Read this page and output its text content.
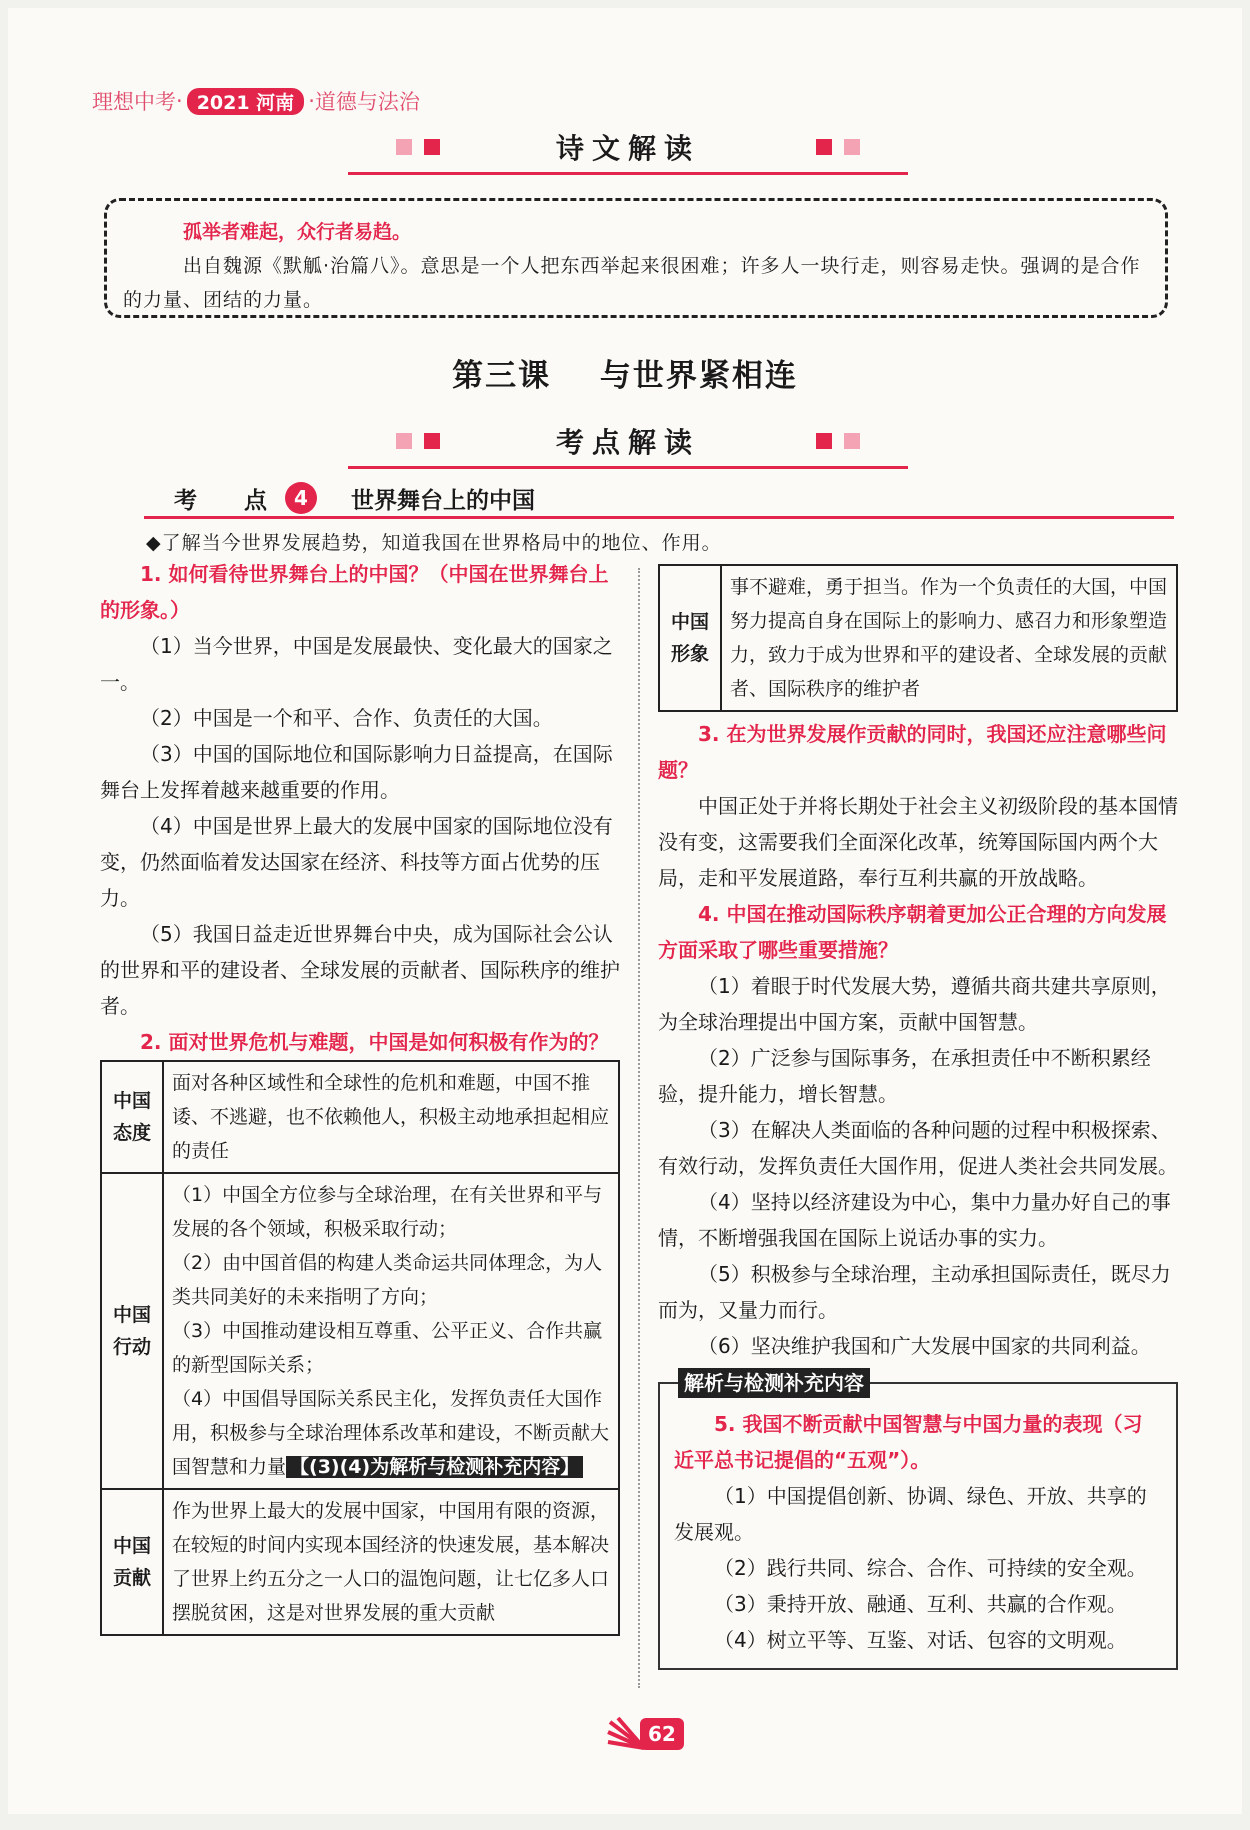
理想中考 · 2021 河南 · 道德与法治
诗文解读
孤举者难起，众行者易趋。
出自魏源《默觚·治篇八》。意思是一个人把东西举起来很困难；许多人一块行走，则容易走快。强调的是合作的力量、团结的力量。
第三课 与世界紧相连
考点解读
考　点 4	世界舞台上的中国
◆了解当今世界发展趋势，知道我国在世界格局中的地位、作用。

1. 如何看待世界舞台上的中国？（中国在世界舞台上的形象。）

（1）当今世界，中国是发展最快、变化最大的国家之一。

（2）中国是一个和平、合作、负责任的大国。

（3）中国的国际地位和国际影响力日益提高，在国际舞台上发挥着越来越重要的作用。

（4）中国是世界上最大的发展中国家的国际地位没有变，仍然面临着发达国家在经济、科技等方面占优势的压力。

（5）我国日益走近世界舞台中央，成为国际社会公认的世界和平的建设者、全球发展的贡献者、国际秩序的维护者。

2. 面对世界危机与难题，中国是如何积极有作为的？

中国态度	面对各种区域性和全球性的危机和难题，中国不推诿、不逃避，也不依赖他人，积极主动地承担起相应的责任
中国行动	（1）中国全方位参与全球治理，在有关世界和平与发展的各个领域，积极采取行动；
（2）由中国首倡的构建人类命运共同体理念，为人类共同美好的未来指明了方向；
（3）中国推动建设相互尊重、公平正义、合作共赢的新型国际关系；
（4）中国倡导国际关系民主化，发挥负责任大国作用，积极参与全球治理体系改革和建设，不断贡献大国智慧和力量 【(3)(4)为解析与检测补充内容】

中国贡献	作为世界上最大的发展中国家，中国用有限的资源，在较短的时间内实现本国经济的快速发展，基本解决了世界上约五分之一人口的温饱问题，让七亿多人口摆脱贫困，这是对世界发展的重大贡献
中国形象	事不避难，勇于担当。作为一个负责任的大国，中国努力提高自身在国际上的影响力、感召力和形象塑造力，致力于成为世界和平的建设者、全球发展的贡献者、国际秩序的维护者

3. 在为世界发展作贡献的同时，我国还应注意哪些问题？

中国正处于并将长期处于社会主义初级阶段的基本国情没有变，这需要我们全面深化改革，统筹国际国内两个大局，走和平发展道路，奉行互利共赢的开放战略。

4. 中国在推动国际秩序朝着更加公正合理的方向发展方面采取了哪些重要措施？

（1）着眼于时代发展大势，遵循共商共建共享原则，为全球治理提出中国方案，贡献中国智慧。

（2）广泛参与国际事务，在承担责任中不断积累经验，提升能力，增长智慧。

（3）在解决人类面临的各种问题的过程中积极探索、有效行动，发挥负责任大国作用，促进人类社会共同发展。

（4）坚持以经济建设为中心，集中力量办好自己的事情，不断增强我国在国际上说话办事的实力。

（5）积极参与全球治理，主动承担国际责任，既尽力而为，又量力而行。

（6）坚决维护我国和广大发展中国家的共同利益。

解析与检测补充内容

5. 我国不断贡献中国智慧与中国力量的表现（习近平总书记提倡的“五观”）。

（1）中国提倡创新、协调、绿色、开放、共享的发展观。

（2）践行共同、综合、合作、可持续的安全观。

（3）秉持开放、融通、互利、共赢的合作观。

（4）树立平等、互鉴、对话、包容的文明观。

62
